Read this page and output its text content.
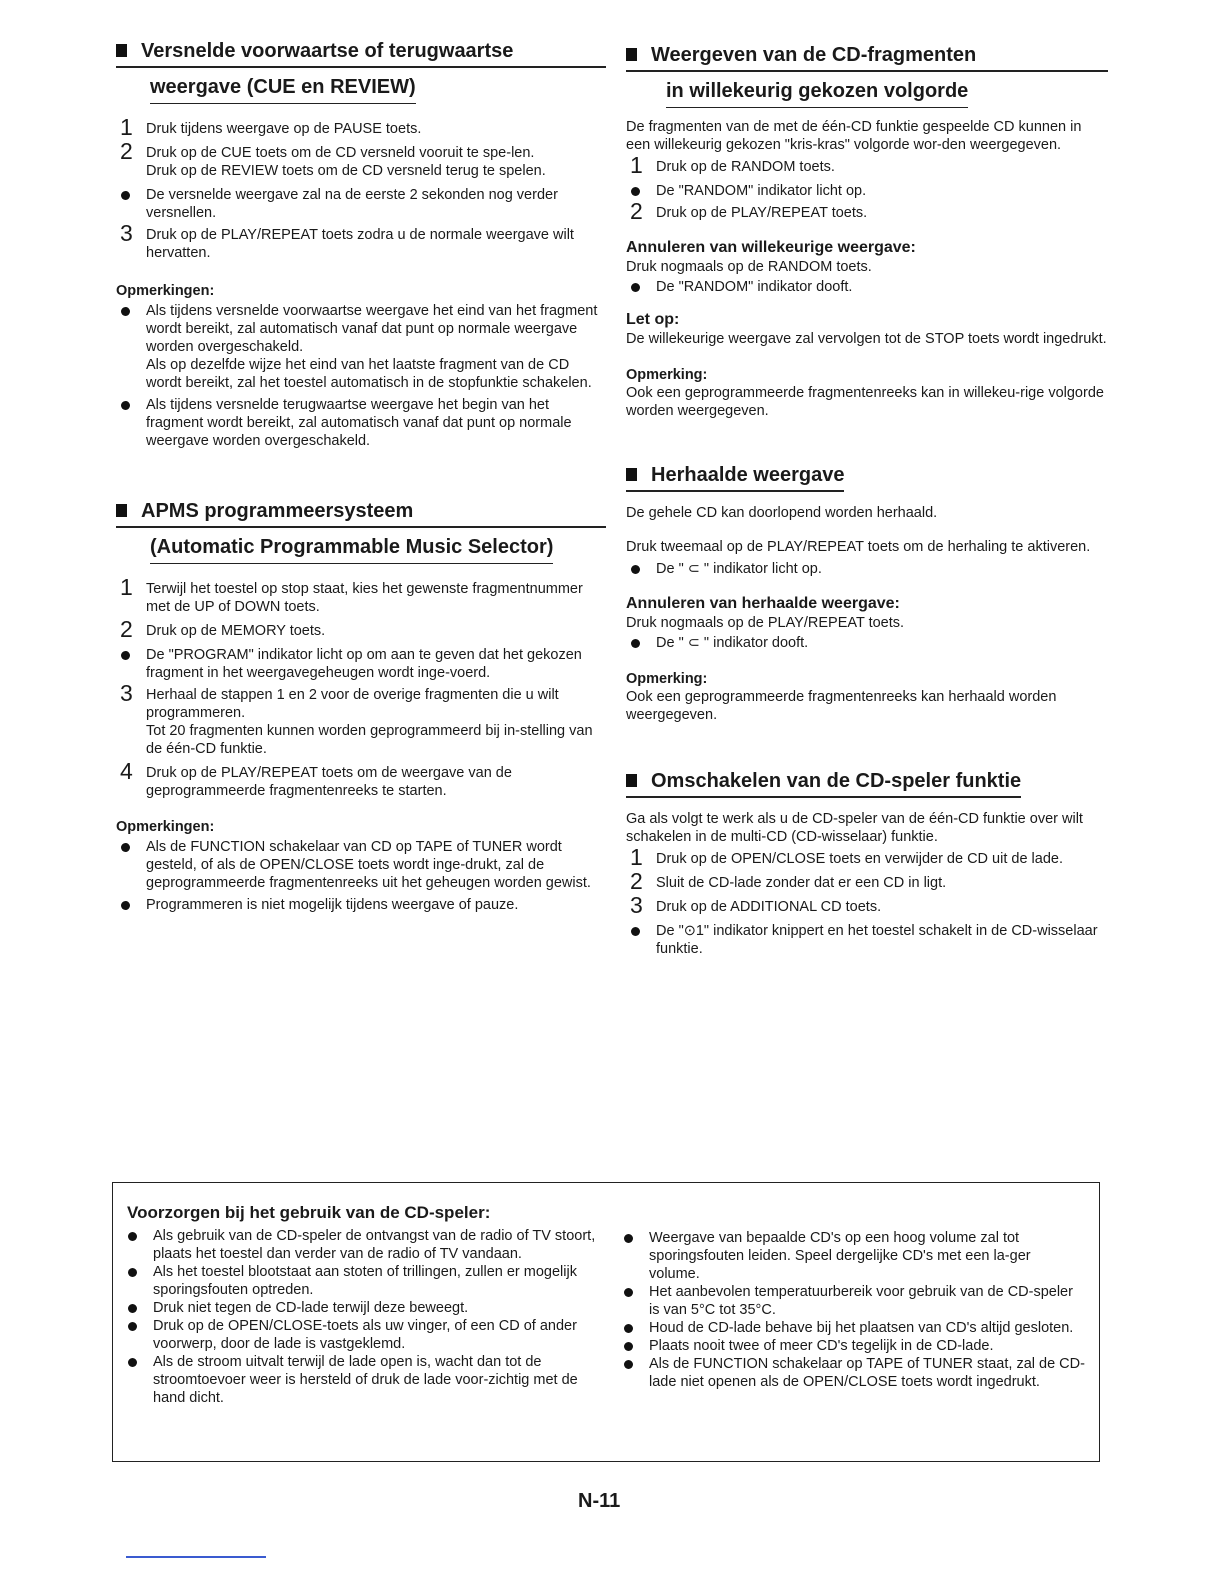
Versnelde voorwaartse of terugwaartse
weergave (CUE en REVIEW)
1 Druk tijdens weergave op de PAUSE toets.
2 Druk op de CUE toets om de CD versneld vooruit te spe-len.
Druk op de REVIEW toets om de CD versneld terug te spelen.
De versnelde weergave zal na de eerste 2 sekonden nog verder versnellen.
3 Druk op de PLAY/REPEAT toets zodra u de normale weergave wilt hervatten.
Opmerkingen:
Als tijdens versnelde voorwaartse weergave het eind van het fragment wordt bereikt, zal automatisch vanaf dat punt op normale weergave worden overgeschakeld.
Als op dezelfde wijze het eind van het laatste fragment van de CD wordt bereikt, zal het toestel automatisch in de stopfunktie schakelen.
Als tijdens versnelde terugwaartse weergave het begin van het fragment wordt bereikt, zal automatisch vanaf dat punt op normale weergave worden overgeschakeld.
APMS programmeersysteem
(Automatic Programmable Music Selector)
1 Terwijl het toestel op stop staat, kies het gewenste fragmentnummer met de UP of DOWN toets.
2 Druk op de MEMORY toets.
De "PROGRAM" indikator licht op om aan te geven dat het gekozen fragment in het weergavegeheugen wordt inge-voerd.
3 Herhaal de stappen 1 en 2 voor de overige fragmenten die u wilt programmeren.
Tot 20 fragmenten kunnen worden geprogrammeerd bij in-stelling van de één-CD funktie.
4 Druk op de PLAY/REPEAT toets om de weergave van de geprogrammeerde fragmentenreeks te starten.
Opmerkingen:
Als de FUNCTION schakelaar van CD op TAPE of TUNER wordt gesteld, of als de OPEN/CLOSE toets wordt inge-drukt, zal de geprogrammeerde fragmentenreeks uit het geheugen worden gewist.
Programmeren is niet mogelijk tijdens weergave of pauze.
Weergeven van de CD-fragmenten
in willekeurig gekozen volgorde
De fragmenten van de met de één-CD funktie gespeelde CD kunnen in een willekeurig gekozen "kris-kras" volgorde wor-den weergegeven.
1 Druk op de RANDOM toets.
De "RANDOM" indikator licht op.
2 Druk op de PLAY/REPEAT toets.
Annuleren van willekeurige weergave:
Druk nogmaals op de RANDOM toets.
De "RANDOM" indikator dooft.
Let op:
De willekeurige weergave zal vervolgen tot de STOP toets wordt ingedrukt.
Opmerking:
Ook een geprogrammeerde fragmentenreeks kan in willekeu-rige volgorde worden weergegeven.
Herhaalde weergave
De gehele CD kan doorlopend worden herhaald.
Druk tweemaal op de PLAY/REPEAT toets om de herhaling te aktiveren.
De " ⊂ " indikator licht op.
Annuleren van herhaalde weergave:
Druk nogmaals op de PLAY/REPEAT toets.
De " ⊂ " indikator dooft.
Opmerking:
Ook een geprogrammeerde fragmentenreeks kan herhaald worden weergegeven.
Omschakelen van de CD-speler funktie
Ga als volgt te werk als u de CD-speler van de één-CD funktie over wilt schakelen in de multi-CD (CD-wisselaar) funktie.
1 Druk op de OPEN/CLOSE toets en verwijder de CD uit de lade.
2 Sluit de CD-lade zonder dat er een CD in ligt.
3 Druk op de ADDITIONAL CD toets.
De "⊙1" indikator knippert en het toestel schakelt in de CD-wisselaar funktie.
Voorzorgen bij het gebruik van de CD-speler:
Als gebruik van de CD-speler de ontvangst van de radio of TV stoort, plaats het toestel dan verder van de radio of TV vandaan.
Als het toestel blootstaat aan stoten of trillingen, zullen er mogelijk sporingsfouten optreden.
Druk niet tegen de CD-lade terwijl deze beweegt.
Druk op de OPEN/CLOSE-toets als uw vinger, of een CD of ander voorwerp, door de lade is vastgeklemd.
Als de stroom uitvalt terwijl de lade open is, wacht dan tot de stroomtoevoer weer is hersteld of druk de lade voor-zichtig met de hand dicht.
Weergave van bepaalde CD's op een hoog volume zal tot sporingsfouten leiden. Speel dergelijke CD's met een la-ger volume.
Het aanbevolen temperatuurbereik voor gebruik van de CD-speler is van 5°C tot 35°C.
Houd de CD-lade behave bij het plaatsen van CD's altijd gesloten.
Plaats nooit twee of meer CD's tegelijk in de CD-lade.
Als de FUNCTION schakelaar op TAPE of TUNER staat, zal de CD-lade niet openen als de OPEN/CLOSE toets wordt ingedrukt.
N-11
